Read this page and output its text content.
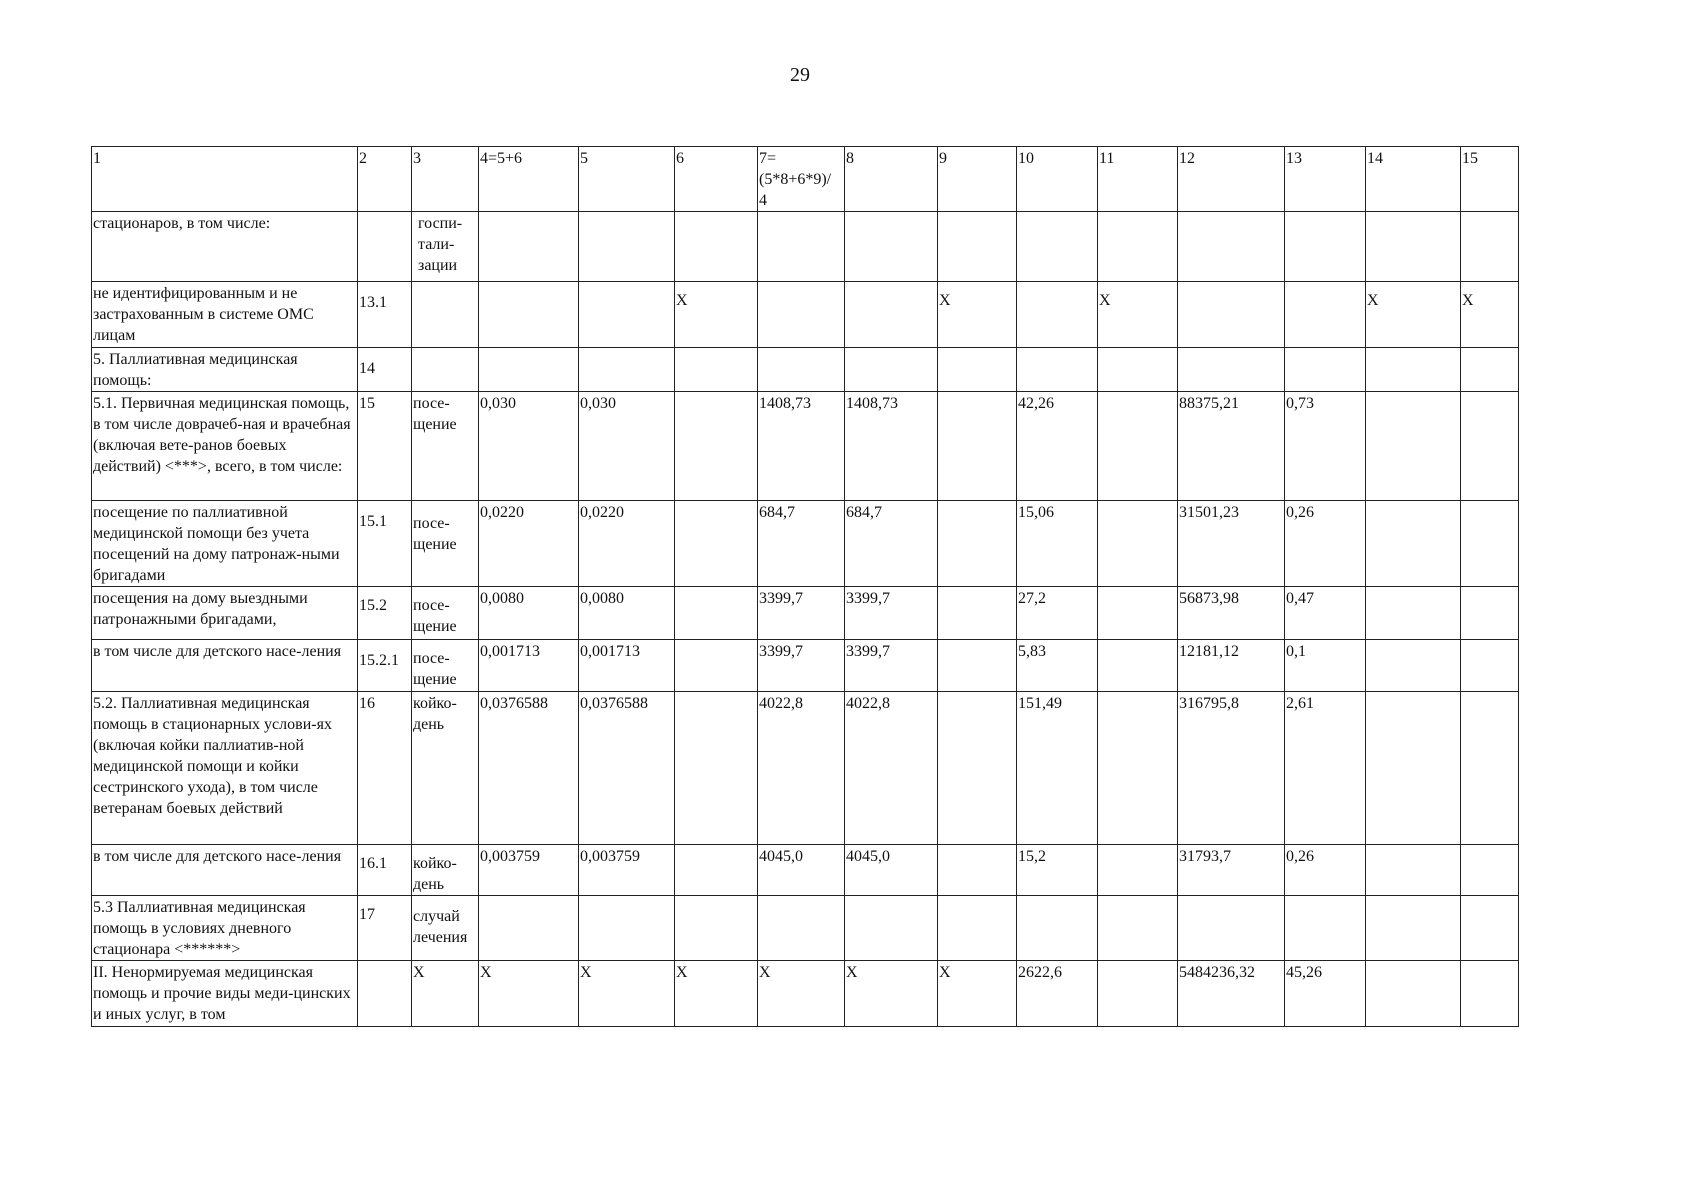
29
1	2	3	4=5+6	5	6	7=
(5*8+6*9)/
4	8	9	10	11	12	13	14	15
стационаров, в том числе:		госпи-
тали-
зации												
не идентифицированным и не застрахованным в системе ОМС лицам	13.1				Х			Х		Х			Х	Х
5. Паллиативная медицинская помощь:	14													
5.1. Первичная медицинская помощь, в том числе доврачеб-ная и врачебная (включая вете-ранов боевых действий) <***>, всего, в том числе:	15	посе-
щение	0,030	0,030		1408,73	1408,73		42,26		88375,21	0,73		
посещение по паллиативной медицинской помощи без учета посещений на дому патронаж-ными бригадами	15.1	посе-
щение	0,0220	0,0220		684,7	684,7		15,06		31501,23	0,26		
посещения на дому выездными патронажными бригадами,	15.2	посе-
щение	0,0080	0,0080		3399,7	3399,7		27,2		56873,98	0,47		
в том числе для детского насе-ления	15.2.1	посе-
щение	0,001713	0,001713		3399,7	3399,7		5,83		12181,12	0,1		
5.2. Паллиативная медицинская помощь в стационарных услови-ях (включая койки паллиатив-ной медицинской помощи и койки сестринского ухода), в том числе ветеранам боевых действий	16	койко-
день	0,0376588	0,0376588		4022,8	4022,8		151,49		316795,8	2,61		
в том числе для детского насе-ления	16.1	койко-
день	0,003759	0,003759		4045,0	4045,0		15,2		31793,7	0,26		
5.3 Паллиативная медицинская помощь в условиях дневного стационара <******>	17	случай
лечения												
II. Ненормируемая медицинская помощь и прочие виды меди-цинских и иных услуг, в том		Х	Х	Х	Х	Х	Х	Х	2622,6		5484236,32	45,26		
